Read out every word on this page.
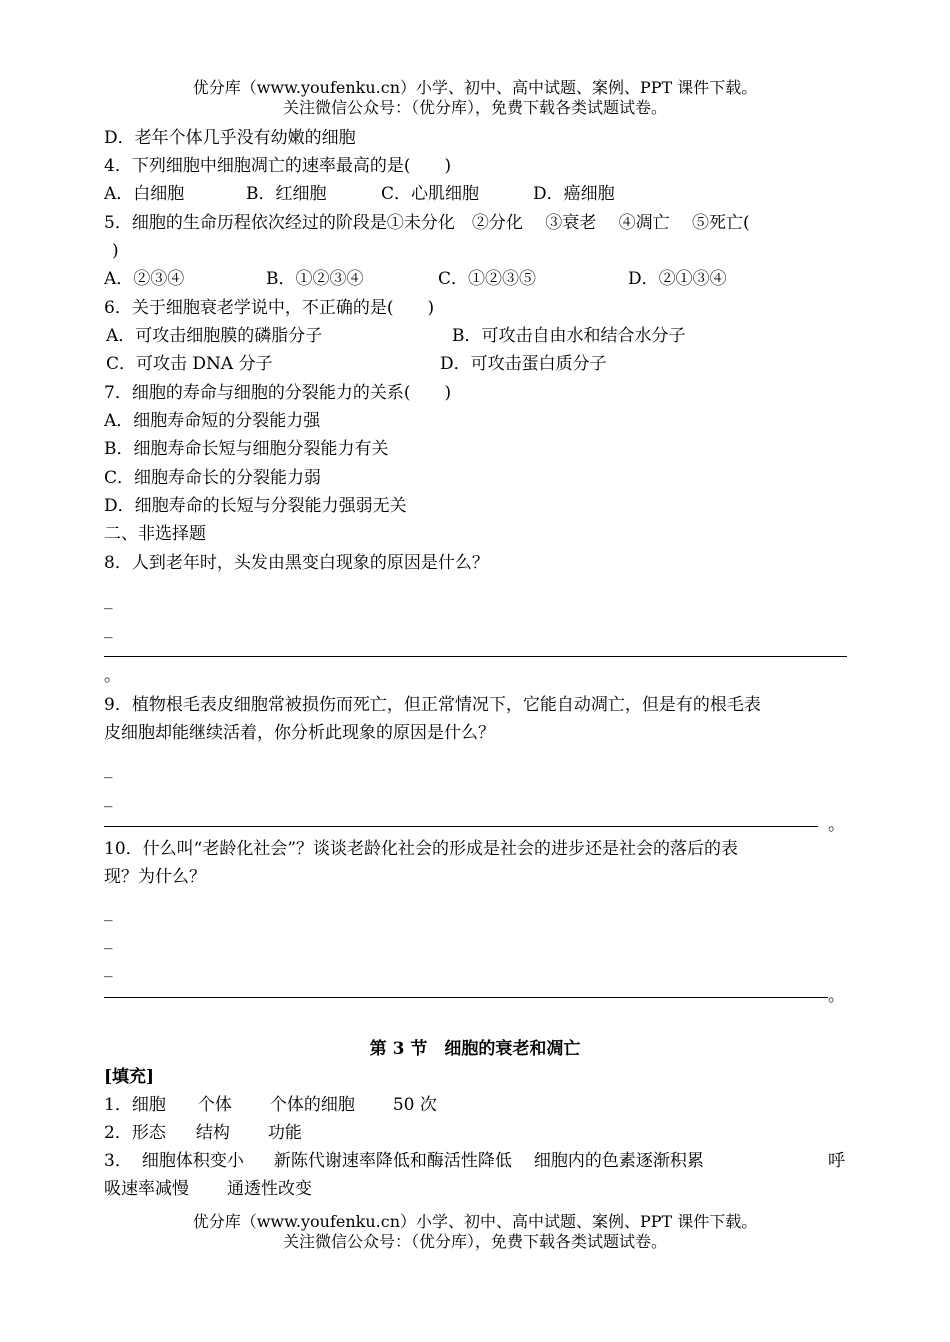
优分库（www.youfenku.cn）小学、初中、高中试题、案例、PPT 课件下载。
关注微信公众号：（优分库），免费下载各类试题试卷。
D．老年个体几乎没有幼嫩的细胞
4．下列细胞中细胞凋亡的速率最高的是(　　)
A．白细胞	B．红细胞	C．心肌细胞	D．癌细胞
5．细胞的生命历程依次经过的阶段是①未分化　②分化　 ③衰老　 ④凋亡　 ⑤死亡(
)
A．②③④	B．①②③④	C．①②③⑤	D．②①③④
6．关于细胞衰老学说中，不正确的是(　　)
A．可攻击细胞膜的磷脂分子	B．可攻击自由水和结合水分子
C．可攻击 DNA 分子	D．可攻击蛋白质分子
7．细胞的寿命与细胞的分裂能力的关系(　　)
A．细胞寿命短的分裂能力强
B．细胞寿命长短与细胞分裂能力有关
C．细胞寿命长的分裂能力弱
D．细胞寿命的长短与分裂能力强弱无关
二、非选择题
8．人到老年时，头发由黑变白现象的原因是什么？
_
_
。
9．植物根毛表皮细胞常被损伤而死亡，但正常情况下，它能自动凋亡，但是有的根毛表
皮细胞却能继续活着，你分析此现象的原因是什么？
_
_
。
10．什么叫“老龄化社会”？谈谈老龄化社会的形成是社会的进步还是社会的落后的表
现？为什么？
_
_
_
。
第 3 节　细胞的衰老和凋亡
[填充]
1．细胞 个体 个体的细胞 50 次
2．形态 结构 功能
3． 细胞体积变小 新陈代谢速率降低和酶活性降低 细胞内的色素逐渐积累	呼
吸速率减慢 通透性改变
优分库（www.youfenku.cn）小学、初中、高中试题、案例、PPT 课件下载。
关注微信公众号：（优分库），免费下载各类试题试卷。
